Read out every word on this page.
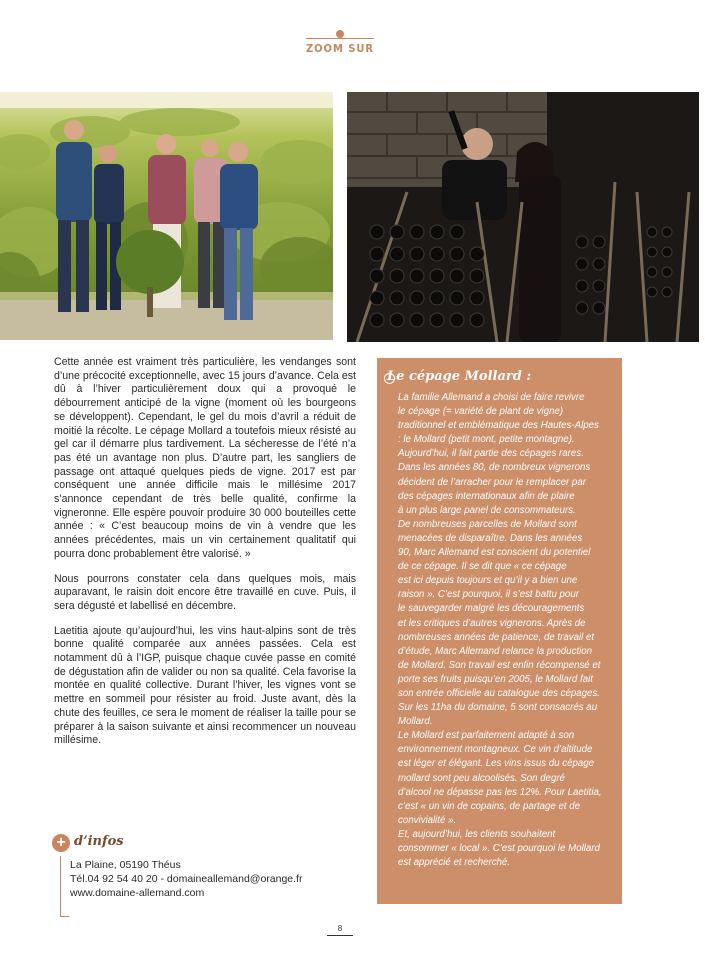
ZOOM SUR

Cette année est vraiment très particulière, les vendanges sont d’une précocité exceptionnelle, avec 15 jours d’avance. Cela est dû à l’hiver particulièrement doux qui a provoqué le débourrement anticipé de la vigne (moment où les bourgeons se développent). Cependant, le gel du mois d’avril a réduit de moitié la récolte. Le cépage Mollard a toutefois mieux résisté au gel car il démarre plus tardivement. La sécheresse de l’été n’a pas été un avantage non plus. D’autre part, les sangliers de passage ont attaqué quelques pieds de vigne. 2017 est par conséquent une année difficile mais le millésime 2017 s’annonce cependant de très belle qualité, confirme la vigneronne. Elle espère pouvoir produire 30 000 bouteilles cette année : « C’est beaucoup moins de vin à vendre que les années précédentes, mais un vin certainement qualitatif qui pourra donc probablement être valorisé. »

Nous pourrons constater cela dans quelques mois, mais auparavant, le raisin doit encore être travaillé en cuve. Puis, il sera dégusté et labellisé en décembre.

Laetitia ajoute qu’aujourd’hui, les vins haut-alpins sont de très bonne qualité comparée aux années passées. Cela est notamment dû à l’IGP, puisque chaque cuvée passe en comité de dégustation afin de valider ou non sa qualité. Cela favorise la montée en qualité collective. Durant l’hiver, les vignes vont se mettre en sommeil pour résister au froid. Juste avant, dès la chute des feuilles, ce sera le moment de réaliser la taille pour se préparer à la saison suivante et ainsi recommencer un nouveau millésime.

+ d’infos
La Plaine, 05190 Théus
Tél.04 92 54 40 20 - domaineallemand@orange.fr
www.domaine-allemand.com
Le cépage Mollard :
La famille Allemand a choisi de faire revivre
le cépage (= variété de plant de vigne)
traditionnel et emblématique des Hautes-Alpes
: le Mollard (petit mont, petite montagne).
Aujourd’hui, il fait partie des cépages rares.
Dans les années 80, de nombreux vignerons
décident de l’arracher pour le remplacer par
des cépages internationaux afin de plaire
à un plus large panel de consommateurs.
De nombreuses parcelles de Mollard sont
menacées de disparaître. Dans les années
90, Marc Allemand est conscient du potentiel
de ce cépage. Il se dit que « ce cépage
est ici depuis toujours et qu’il y a bien une
raison ». C’est pourquoi, il s’est battu pour
le sauvegarder malgré les découragements
et les critiques d’autres vignerons. Après de
nombreuses années de patience, de travail et
d’étude, Marc Allemand relance la production
de Mollard. Son travail est enfin récompensé et
porte ses fruits puisqu’en 2005, le Mollard fait
son entrée officielle au catalogue des cépages.
Sur les 11ha du domaine, 5 sont consacrés au
Mollard.
Le Mollard est parfaitement adapté à son
environnement montagneux. Ce vin d’altitude
est léger et élégant. Les vins issus du cépage
mollard sont peu alcoolisés. Son degré
d’alcool ne dépasse pas les 12%. Pour Laetitia,
c’est « un vin de copains, de partage et de
convivialité ».
Et, aujourd’hui, les clients souhaitent
consommer « local ». C’est pourquoi le Mollard
est apprécié et recherché.
8
